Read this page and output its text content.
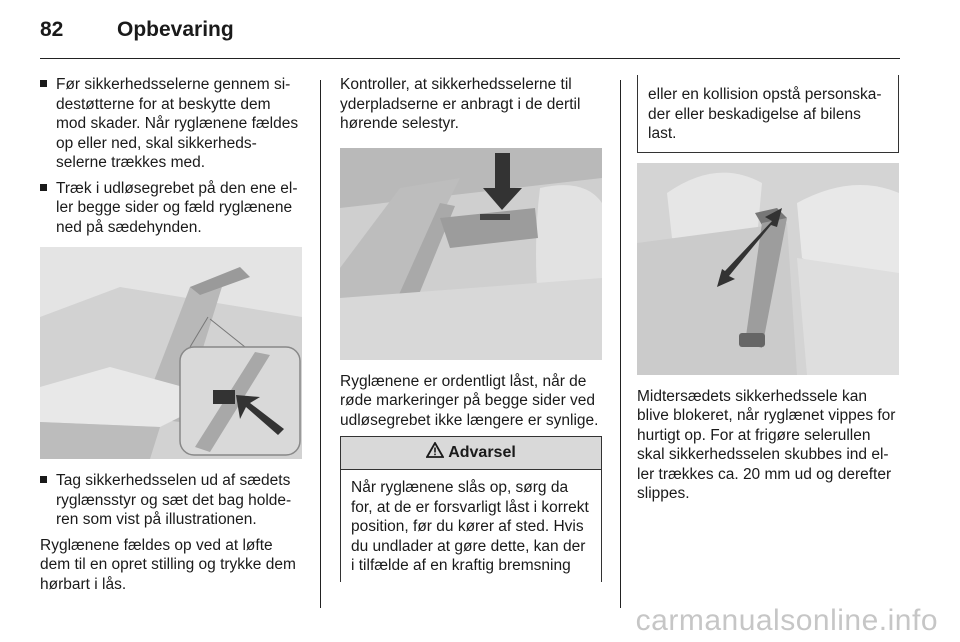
82	Opbevaring
Før sikkerhedsselerne gennem si-destøtterne for at beskytte dem mod skader. Når ryglænene fældes op eller ned, skal sikkerheds-selerne trækkes med.
Træk i udløsegrebet på den ene el-ler begge sider og fæld ryglænene ned på sædehynden.
Tag sikkerhedsselen ud af sædets ryglænsstyr og sæt det bag holde-ren som vist på illustrationen.

Ryglænene fældes op ved at løfte dem til en opret stilling og trykke dem hørbart i lås.

Kontroller, at sikkerhedsselerne til yderpladserne er anbragt i de dertil hørende selestyr.

Ryglænene er ordentligt låst, når de røde markeringer på begge sider ved udløsegrebet ikke længere er synlige.

Advarsel
Når ryglænene slås op, sørg da for, at de er forsvarligt låst i korrekt position, før du kører af sted. Hvis du undlader at gøre dette, kan der i tilfælde af en kraftig bremsning
eller en kollision opstå personska-der eller beskadigelse af bilens last.

Midtersædets sikkerhedssele kan blive blokeret, når ryglænet vippes for hurtigt op. For at frigøre selerullen skal sikkerhedsselen skubbes ind el-ler trækkes ca. 20 mm ud og derefter slippes.

carmanualsonline.info
